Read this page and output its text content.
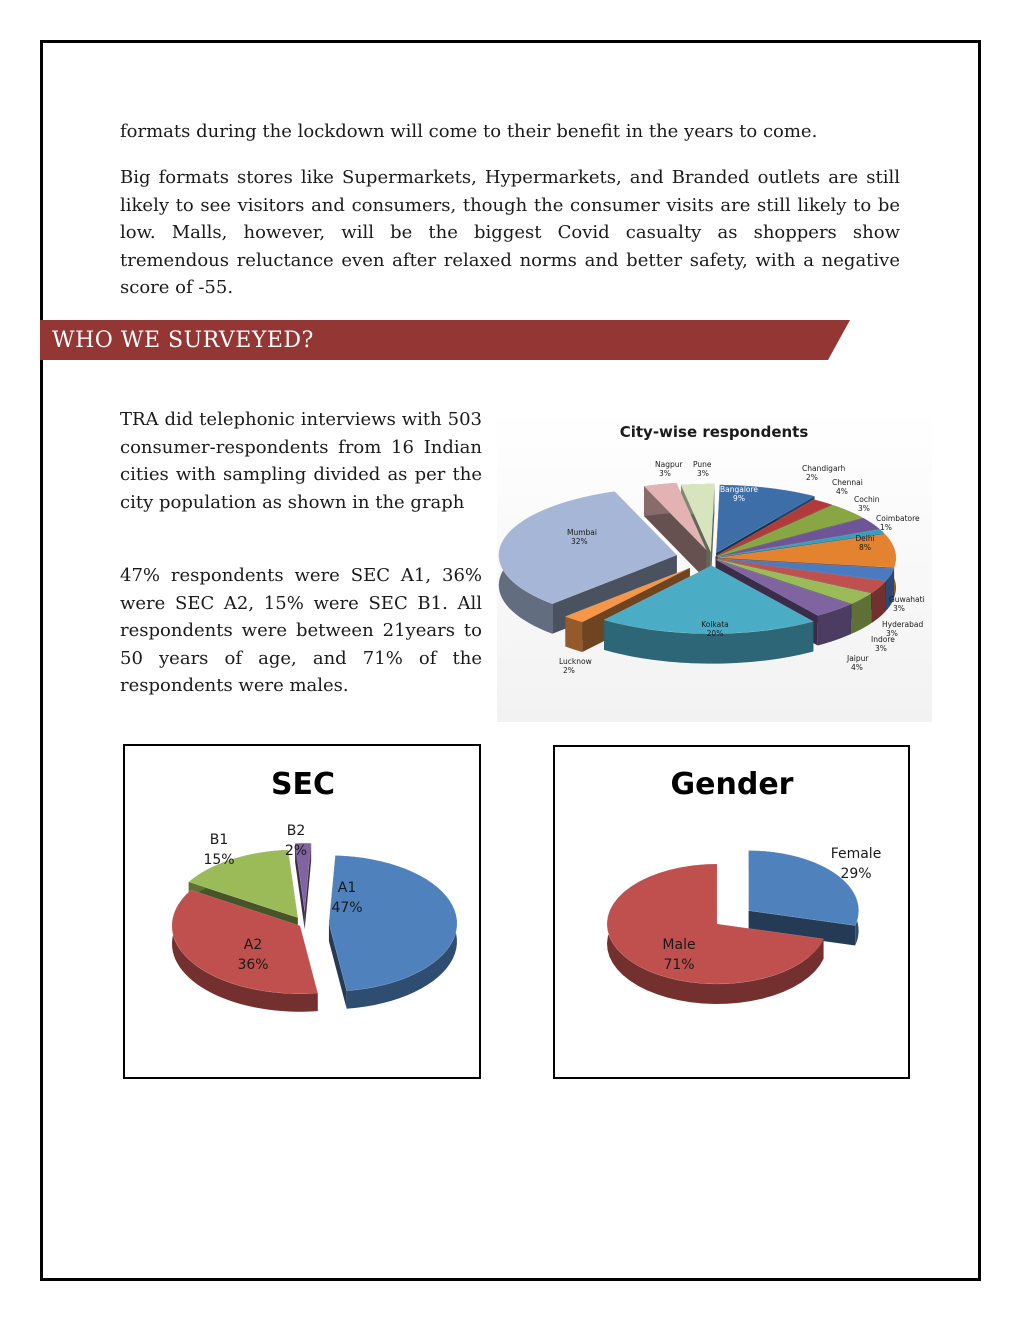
formats during the lockdown will come to their benefit in the years to come.

Big formats stores like Supermarkets, Hypermarkets, and Branded outlets are still likely to see visitors and consumers, though the consumer visits are still likely to be low. Malls, however, will be the biggest Covid casualty as shoppers show tremendous reluctance even after relaxed norms and better safety, with a negative score of -55.

WHO WE SURVEYED?

TRA did telephonic interviews with 503 consumer-respondents from 16 Indian cities with sampling divided as per the city population as shown in the graph

47% respondents were SEC A1, 36% were SEC A2, 15% were SEC B1. All respondents were between 21years to 50 years of age, and 71% of the respondents were males.

City-wise respondents
Bangalore
9%
Chandigarh
2%
Chennai
4%
Cochin
3%
Coimbatore
1%
Delhi
8%
Guwahati
3%
Hyderabad
3%
Indore
3%
Jaipur
4%
Kolkata
20%
Lucknow
2%
Mumbai
32%
Nagpur
3%
Pune
3%
SEC
A1
47%
A2
36%
B1
15%
B2
2%
Gender
Female
29%
Male
71%
